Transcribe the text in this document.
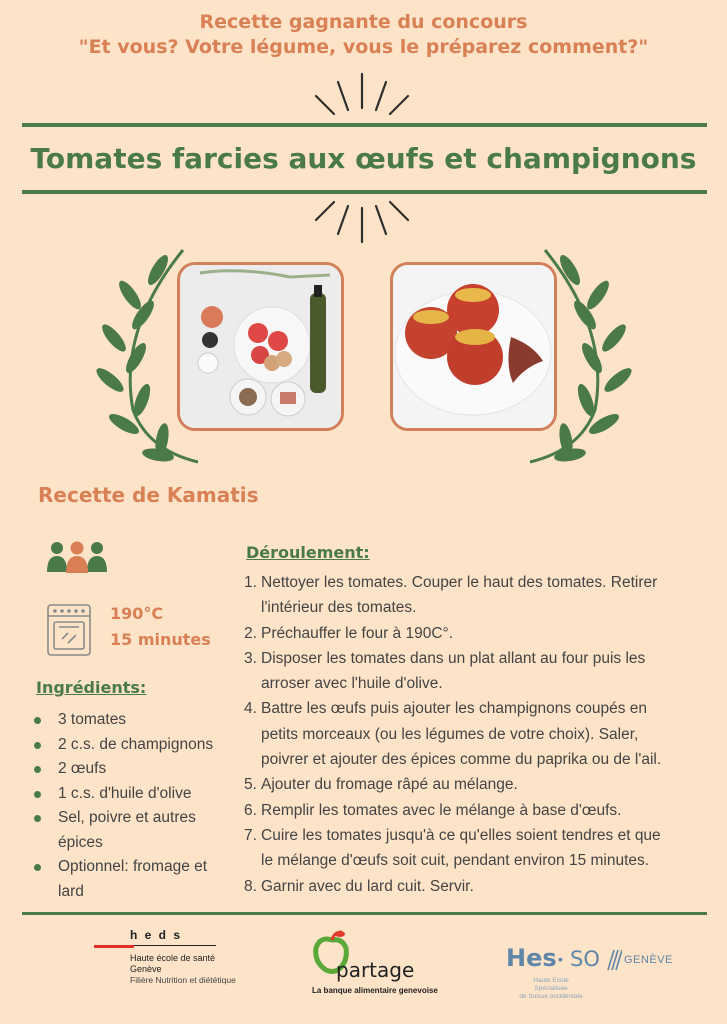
Recette gagnante du concours
"Et vous? Votre légume, vous le préparez comment?"
Tomates farcies aux œufs et champignons
Recette de Kamatis
190°C
15 minutes
Ingrédients:
3 tomates
2 c.s. de champignons
2 œufs
1 c.s. d'huile d'olive
Sel, poivre et autres
épices
Optionnel: fromage et
lard
Déroulement:
1. Nettoyer les tomates. Couper le haut des tomates. Retirer
l'intérieur des tomates.
2. Préchauffer le four à 190C°.
3. Disposer les tomates dans un plat allant au four puis les
arroser avec l'huile d'olive.
4. Battre les œufs puis ajouter les champignons coupés en
petits morceaux (ou les légumes de votre choix). Saler,
poivrer et ajouter des épices comme du paprika ou de l'ail.
5. Ajouter du fromage râpé au mélange.
6. Remplir les tomates avec le mélange à base d'œufs.
7. Cuire les tomates jusqu'à ce qu'elles soient tendres et que
le mélange d'œufs soit cuit, pendant environ 15 minutes.
8. Garnir avec du lard cuit. Servir.
h e d s
Haute école de santé
Genève
Filière Nutrition et diététique	partage
La banque alimentaire genevoise
Hes • SO GENÈVE
Haute Ecole Spécialisée
de Suisse occidentale
